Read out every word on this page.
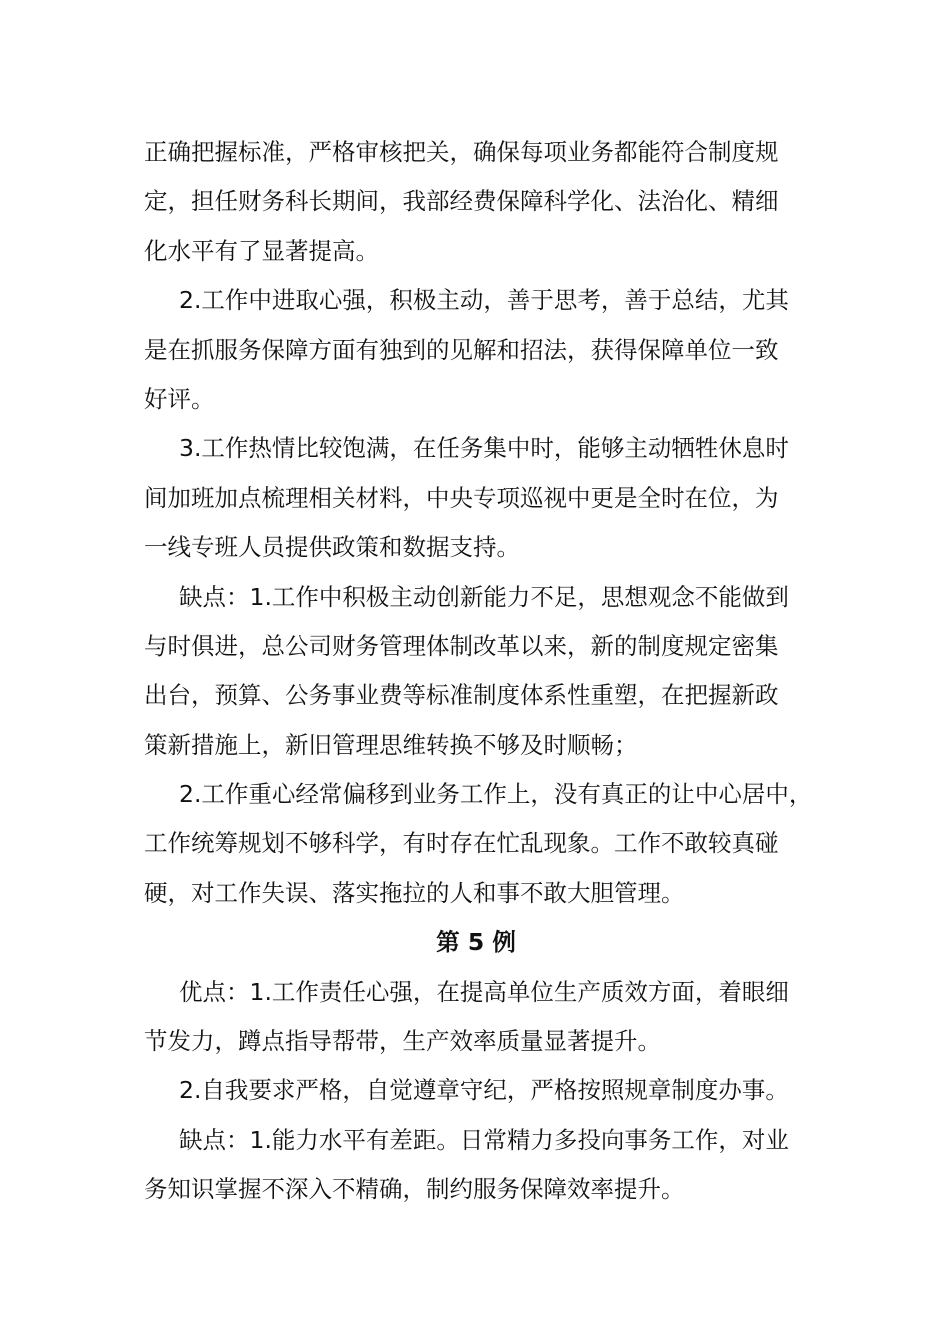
正确把握标准，严格审核把关，确保每项业务都能符合制度规
定，担任财务科长期间，我部经费保障科学化、法治化、精细
化水平有了显著提高。
2.工作中进取心强，积极主动，善于思考，善于总结，尤其
是在抓服务保障方面有独到的见解和招法，获得保障单位一致
好评。
3.工作热情比较饱满，在任务集中时，能够主动牺牲休息时
间加班加点梳理相关材料，中央专项巡视中更是全时在位，为
一线专班人员提供政策和数据支持。
缺点：1.工作中积极主动创新能力不足，思想观念不能做到
与时俱进，总公司财务管理体制改革以来，新的制度规定密集
出台，预算、公务事业费等标准制度体系性重塑，在把握新政
策新措施上，新旧管理思维转换不够及时顺畅；
2.工作重心经常偏移到业务工作上，没有真正的让中心居中，
工作统筹规划不够科学，有时存在忙乱现象。工作不敢较真碰
硬，对工作失误、落实拖拉的人和事不敢大胆管理。
第 5 例
优点：1.工作责任心强，在提高单位生产质效方面，着眼细
节发力，蹲点指导帮带，生产效率质量显著提升。
2.自我要求严格，自觉遵章守纪，严格按照规章制度办事。
缺点：1.能力水平有差距。日常精力多投向事务工作，对业
务知识掌握不深入不精确，制约服务保障效率提升。
